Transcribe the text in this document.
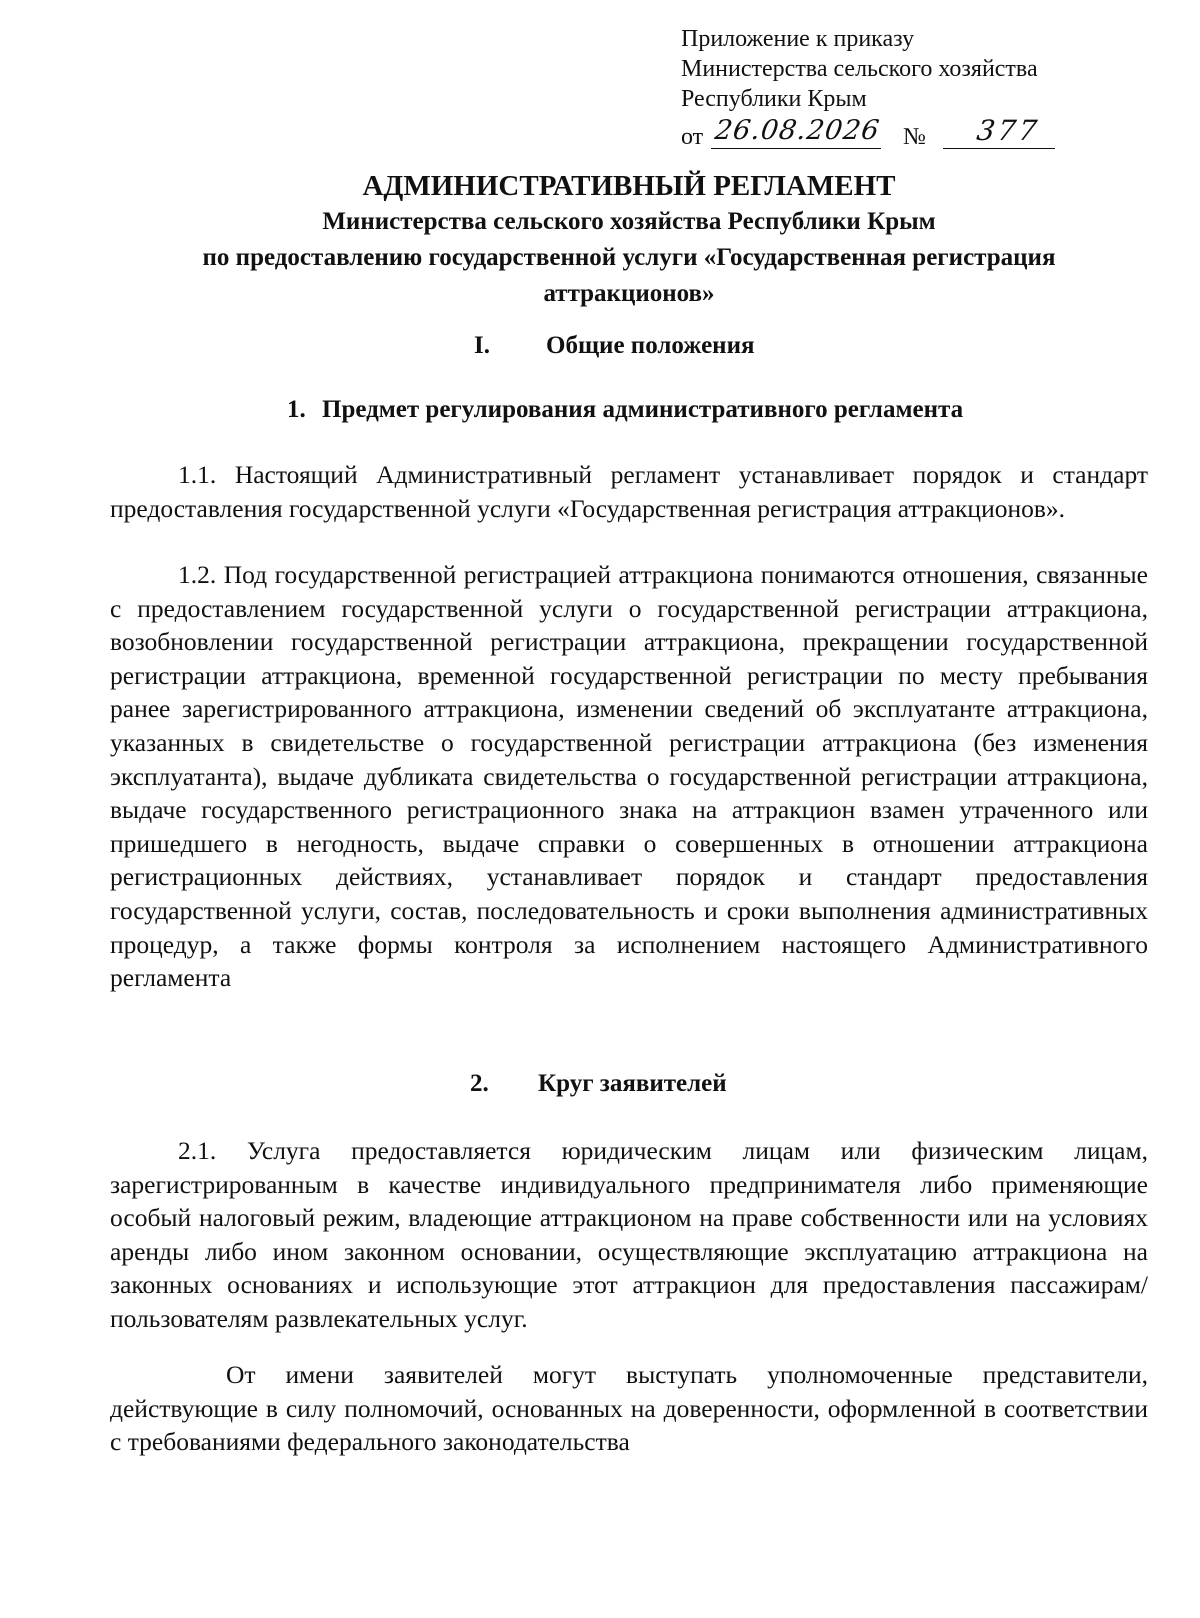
Приложение к приказу
Министерства сельского хозяйства
Республики Крым
от 26.08.2026 № 377
АДМИНИСТРАТИВНЫЙ РЕГЛАМЕНТ
Министерства сельского хозяйства Республики Крым
по предоставлению государственной услуги «Государственная регистрация
аттракционов»
I. Общие положения
1. Предмет регулирования административного регламента
1.1. Настоящий Административный регламент устанавливает порядок и стандарт предоставления государственной услуги «Государственная регистрация аттракционов».
1.2. Под государственной регистрацией аттракциона понимаются отношения, связанные с предоставлением государственной услуги о государственной регистрации аттракциона, возобновлении государственной регистрации аттракциона, прекращении государственной регистрации аттракциона, временной государственной регистрации по месту пребывания ранее зарегистрированного аттракциона, изменении сведений об эксплуатанте аттракциона, указанных в свидетельстве о государственной регистрации аттракциона (без изменения эксплуатанта), выдаче дубликата свидетельства о государственной регистрации аттракциона, выдаче государственного регистрационного знака на аттракцион взамен утраченного или пришедшего в негодность, выдаче справки о совершенных в отношении аттракциона регистрационных действиях, устанавливает порядок и стандарт предоставления государственной услуги, состав, последовательность и сроки выполнения административных процедур, а также формы контроля за исполнением настоящего Административного регламента
2. Круг заявителей
2.1. Услуга предоставляется юридическим лицам или физическим лицам, зарегистрированным в качестве индивидуального предпринимателя либо применяющие особый налоговый режим, владеющие аттракционом на праве собственности или на условиях аренды либо ином законном основании, осуществляющие эксплуатацию аттракциона на законных основаниях и использующие этот аттракцион для предоставления пассажирам/пользователям развлекательных услуг.
От имени заявителей могут выступать уполномоченные представители, действующие в силу полномочий, основанных на доверенности, оформленной в соответствии с требованиями федерального законодательства
